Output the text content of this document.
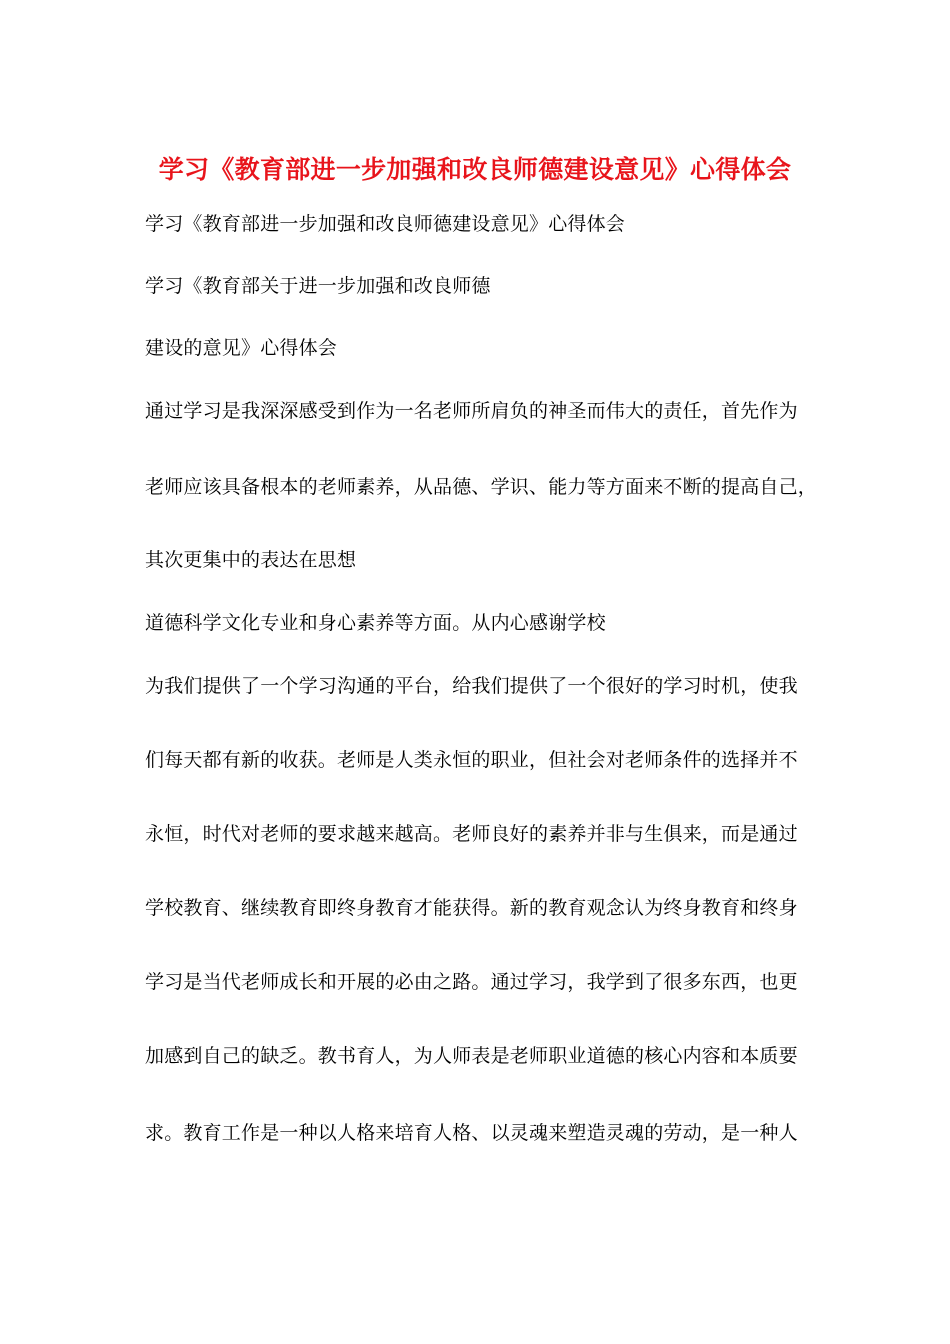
学习《教育部进一步加强和改良师德建设意见》心得体会
学习《教育部进一步加强和改良师德建设意见》心得体会
学习《教育部关于进一步加强和改良师德
建设的意见》心得体会
通过学习是我深深感受到作为一名老师所肩负的神圣而伟大的责任，首先作为
老师应该具备根本的老师素养，从品德、学识、能力等方面来不断的提高自己，
其次更集中的表达在思想
道德科学文化专业和身心素养等方面。从内心感谢学校
为我们提供了一个学习沟通的平台，给我们提供了一个很好的学习时机，使我
们每天都有新的收获。老师是人类永恒的职业，但社会对老师条件的选择并不
永恒，时代对老师的要求越来越高。老师良好的素养并非与生俱来，而是通过
学校教育、继续教育即终身教育才能获得。新的教育观念认为终身教育和终身
学习是当代老师成长和开展的必由之路。通过学习，我学到了很多东西，也更
加感到自己的缺乏。教书育人，为人师表是老师职业道德的核心内容和本质要
求。教育工作是一种以人格来培育人格、以灵魂来塑造灵魂的劳动，是一种人
